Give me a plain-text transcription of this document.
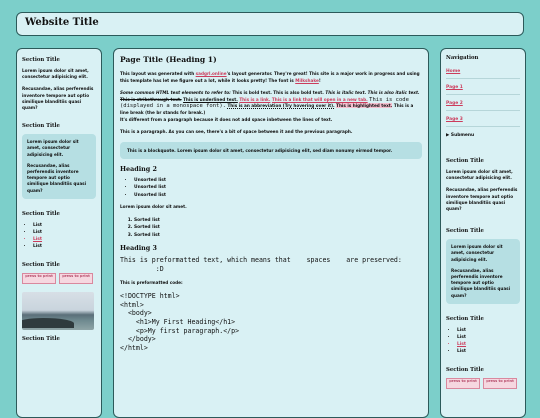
Website Title
Section Title

Lorem ipsum dolor sit amet, consectetur adipisicing elit.

Recusandae, alias perferendis inventore tempore aut optio similique blanditiis quasi quam?

Section Title

Lorem ipsum dolor sit amet, consectetur adipisicing elit.

Recusandae, alias perferendis inventore tempore aut optio similique blanditiis quasi quam?

Section Title
• List
• List
• List
• List
Section Title
press to print	press to print
Section Title
Page Title (Heading 1)

This layout was generated with sadgrl.online's layout generator. They're great! This site is a major work in progress and using this template has let me figure out a lot, while it looks pretty! The font is Milkshake!

Some common HTML text elements to refer to: This is bold text. This is also bold text. This is italic text. This is also italic text. This is strikethrough text. This is underlined text. This is a link. This is a link that will open in a new tab. This is code (displayed in a monospace font). This is an abbreviation (Try hovering over it). This is highlighted text. This is a line break (the br stands for break.)
It's different from a paragraph because it does not add space inbetween the lines of text.

This is a paragraph. As you can see, there's a bit of space between it and the previous paragraph.

This is a blockquote. Lorem ipsum dolor sit amet, consectetur adipisicing elit, sed diam nonumy eirmod tempor.
Heading 2
• Unsorted list
• Unsorted list
• Unsorted list

Lorem ipsum dolor sit amet.

1. Sorted list
2. Sorted list
3. Sorted list
Heading 3
This is preformatted text, which means that    spaces    are preserved:
:D

This is preformatted code:

<!DOCTYPE html>
<html>
<body>
<h1>My First Heading</h1>
<p>My first paragraph.</p>
</body>
</html>
Navigation
Home
Page 1
Page 2
Page 3
▶ Submenu
Section Title

Lorem ipsum dolor sit amet, consectetur adipisicing elit.

Recusandae, alias perferendis inventore tempore aut optio similique blanditiis quasi quam?

Section Title

Lorem ipsum dolor sit amet, consectetur adipisicing elit.

Recusandae, alias perferendis inventore tempore aut optio similique blanditiis quasi quam?

Section Title
• List
• List
• List
• List
Section Title
press to print	press to print
